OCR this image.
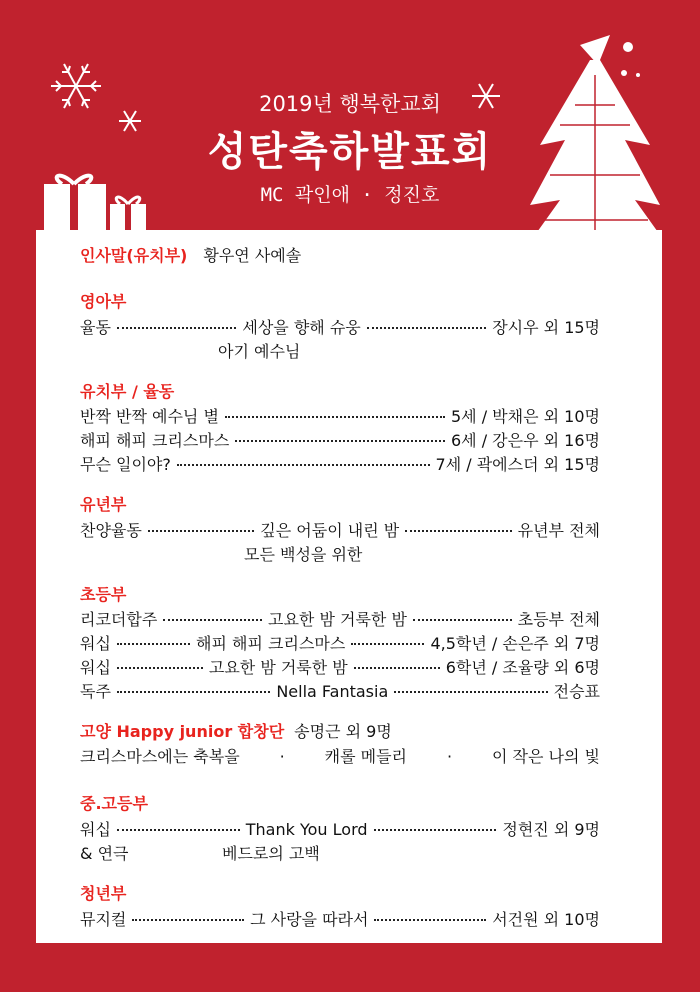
2019년 행복한교회
성탄축하발표회
MC 곽인애 · 정진호
인사말(유치부) 황우연 사예솔
영아부
율동	세상을 향해 슈웅	장시우 외 15명
아기 예수님
유치부 / 율동
반짝 반짝 예수님 별	5세 / 박채은 외 10명
해피 해피 크리스마스	6세 / 강은우 외 16명
무슨 일이야?	7세 / 곽에스더 외 15명
유년부
찬양율동	깊은 어둠이 내린 밤	유년부 전체
모든 백성을 위한
초등부
리코더합주	고요한 밤 거룩한 밤	초등부 전체
워십	해피 해피 크리스마스	4,5학년 / 손은주 외 7명
워십	고요한 밤 거룩한 밤	6학년 / 조율량 외 6명
독주	Nella Fantasia	전승표
고양 Happy junior 합창단 송명근 외 9명
크리스마스에는 축복을 · 캐롤 메들리 · 이 작은 나의 빛
중.고등부
워십	Thank You Lord	정현진 외 9명
& 연극	베드로의 고백
청년부
뮤지컬	그 사랑을 따라서	서건원 외 10명
